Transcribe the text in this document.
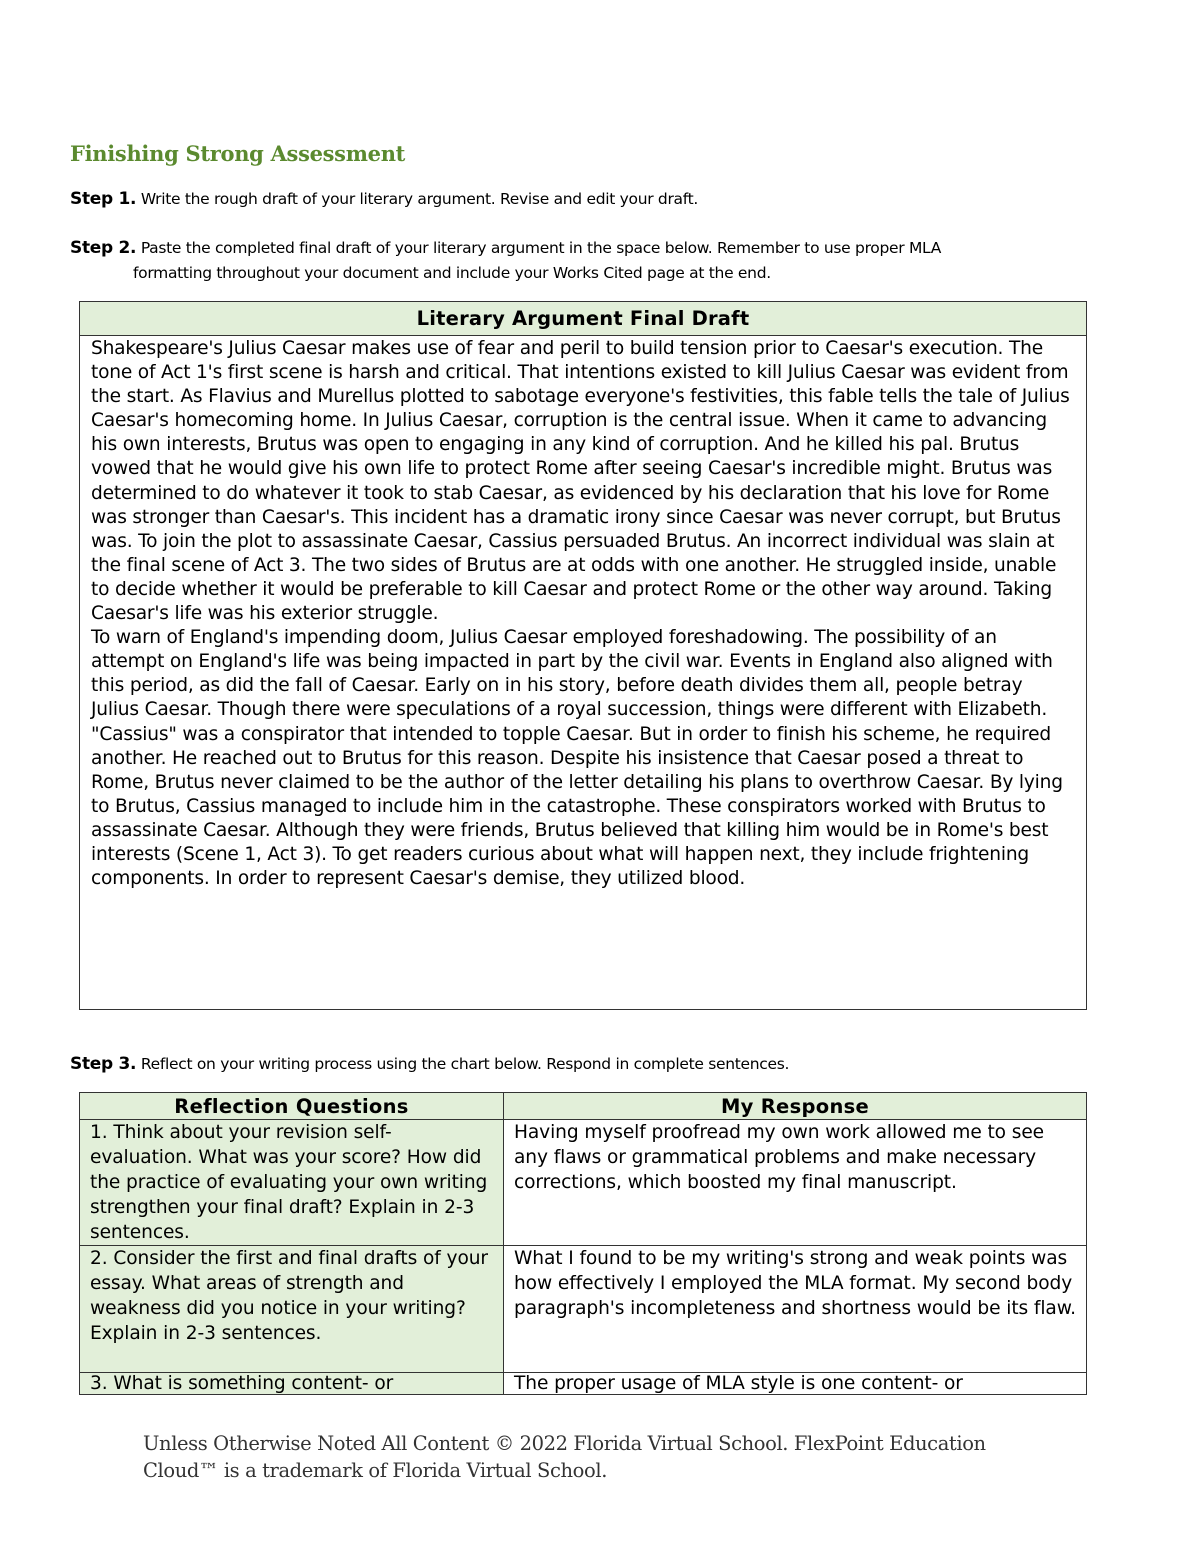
Finishing Strong Assessment
Step 1. Write the rough draft of your literary argument. Revise and edit your draft.
Step 2. Paste the completed final draft of your literary argument in the space below. Remember to use proper MLA
formatting throughout your document and include your Works Cited page at the end.
Literary Argument Final Draft

Shakespeare's Julius Caesar makes use of fear and peril to build tension prior to Caesar's execution. The tone of Act 1's first scene is harsh and critical. That intentions existed to kill Julius Caesar was evident from the start. As Flavius and Murellus plotted to sabotage everyone's festivities, this fable tells the tale of Julius Caesar's homecoming home. In Julius Caesar, corruption is the central issue. When it came to advancing his own interests, Brutus was open to engaging in any kind of corruption. And he killed his pal. Brutus vowed that he would give his own life to protect Rome after seeing Caesar's incredible might. Brutus was determined to do whatever it took to stab Caesar, as evidenced by his declaration that his love for Rome was stronger than Caesar's. This incident has a dramatic irony since Caesar was never corrupt, but Brutus was. To join the plot to assassinate Caesar, Cassius persuaded Brutus. An incorrect individual was slain at the final scene of Act 3. The two sides of Brutus are at odds with one another. He struggled inside, unable to decide whether it would be preferable to kill Caesar and protect Rome or the other way around. Taking Caesar's life was his exterior struggle.

To warn of England's impending doom, Julius Caesar employed foreshadowing. The possibility of an attempt on England's life was being impacted in part by the civil war. Events in England also aligned with this period, as did the fall of Caesar. Early on in his story, before death divides them all, people betray Julius Caesar. Though there were speculations of a royal succession, things were different with Elizabeth. "Cassius" was a conspirator that intended to topple Caesar. But in order to finish his scheme, he required another. He reached out to Brutus for this reason. Despite his insistence that Caesar posed a threat to Rome, Brutus never claimed to be the author of the letter detailing his plans to overthrow Caesar. By lying to Brutus, Cassius managed to include him in the catastrophe. These conspirators worked with Brutus to assassinate Caesar. Although they were friends, Brutus believed that killing him would be in Rome's best interests (Scene 1, Act 3). To get readers curious about what will happen next, they include frightening components. In order to represent Caesar's demise, they utilized blood.

Step 3. Reflect on your writing process using the chart below. Respond in complete sentences.
Reflection Questions	My Response
1. Think about your revision self-evaluation. What was your score? How did the practice of evaluating your own writing strengthen your final draft? Explain in 2-3 sentences.	Having myself proofread my own work allowed me to see any flaws or grammatical problems and make necessary corrections, which boosted my final manuscript.
2. Consider the first and final drafts of your essay. What areas of strength and weakness did you notice in your writing? Explain in 2-3 sentences.	What I found to be my writing's strong and weak points was how effectively I employed the MLA format. My second body paragraph's incompleteness and shortness would be its flaw.
3. What is something content- or	The proper usage of MLA style is one content- or
Unless Otherwise Noted All Content © 2022 Florida Virtual School. FlexPoint Education
Cloud™ is a trademark of Florida Virtual School.
